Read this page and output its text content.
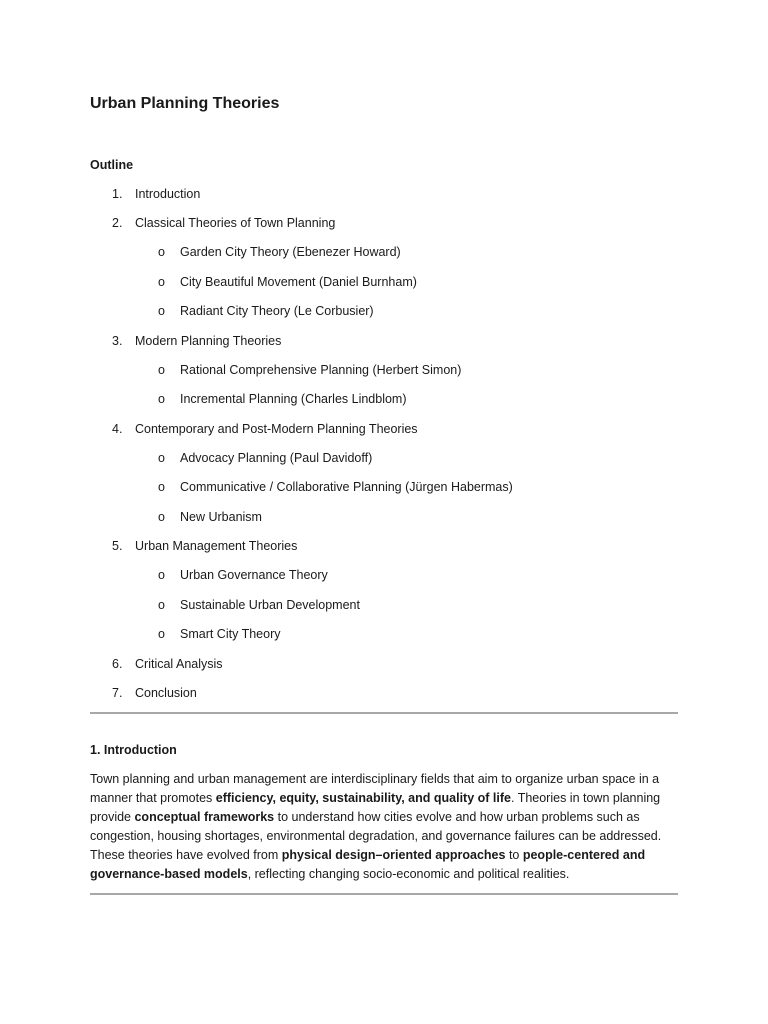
Urban Planning Theories
Outline
1. Introduction
2. Classical Theories of Town Planning
o Garden City Theory (Ebenezer Howard)
o City Beautiful Movement (Daniel Burnham)
o Radiant City Theory (Le Corbusier)
3. Modern Planning Theories
o Rational Comprehensive Planning (Herbert Simon)
o Incremental Planning (Charles Lindblom)
4. Contemporary and Post-Modern Planning Theories
o Advocacy Planning (Paul Davidoff)
o Communicative / Collaborative Planning (Jürgen Habermas)
o New Urbanism
5. Urban Management Theories
o Urban Governance Theory
o Sustainable Urban Development
o Smart City Theory
6. Critical Analysis
7. Conclusion
1. Introduction

Town planning and urban management are interdisciplinary fields that aim to organize urban space in a manner that promotes efficiency, equity, sustainability, and quality of life. Theories in town planning provide conceptual frameworks to understand how cities evolve and how urban problems such as congestion, housing shortages, environmental degradation, and governance failures can be addressed. These theories have evolved from physical design–oriented approaches to people-centered and governance-based models, reflecting changing socio-economic and political realities.
